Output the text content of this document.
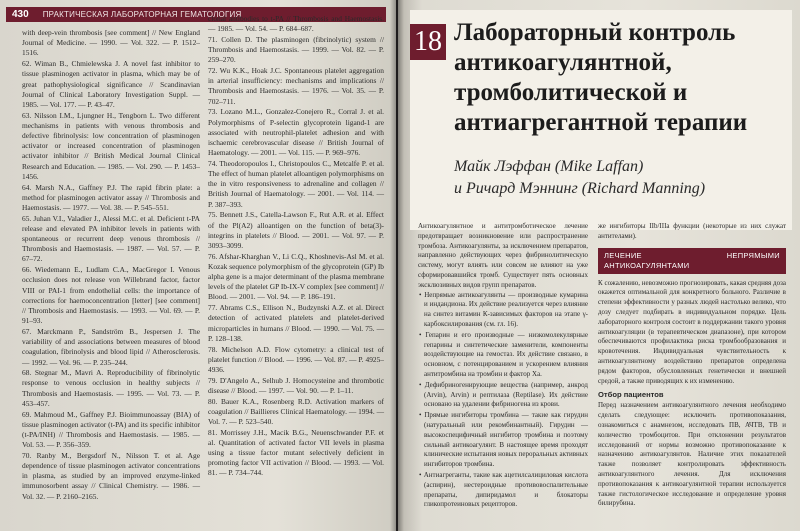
430	ПРАКТИЧЕСКАЯ ЛАБОРАТОРНАЯ ГЕМАТОЛОГИЯ

with deep-vein thrombosis [see comment] // New England Journal of Medicine. — 1990. — Vol. 322. — P. 1512–1516.

62. Wiman B., Chmielewska J. A novel fast inhibitor to tissue plasminogen activator in plasma, which may be of great pathophysiological significance // Scandinavian Journal of Clinical Laboratory Investigation Suppl. — 1985. — Vol. 177. — P. 43–47.

63. Nilsson I.M., Ljungner H., Tengborn L. Two different mechanisms in patients with venous thrombosis and defective fibrinolysis: low concentration of plasminogen activator or increased concentration of plasminogen activator inhibitor // British Medical Journal Clinical Research and Education. — 1985. — Vol. 290. — P. 1453–1456.

64. Marsh N.A., Gaffney P.J. The rapid fibrin plate: a method for plasminogen activator assay // Thrombosis and Haemostasis. — 1977. — Vol. 38. — P. 545–551.

65. Juhan V.I., Valadier J., Alessi M.C. et al. Deficient t-PA release and elevated PA inhibitor levels in patients with spontaneous or recurrent deep venous thrombosis // Thrombosis and Haemostasis. — 1987. — Vol. 57. — P. 67–72.

66. Wiedemann E., Ludlam C.A., MacGregor I. Venous occlusion does not release von Willebrand factor, factor VIII or PAI-1 from endothelial cells: the importance of corrections for haemoconcentration [letter] [see comment] // Thrombosis and Haemostasis. — 1993. — Vol. 69. — P. 91–93.

67. Marckmann P., Sandström B., Jespersen J. The variability of and associations between measures of blood coagulation, fibrinolysis and blood lipid // Atherosclerosis. — 1992. — Vol. 96. — P. 235–244.

68. Stegnar M., Mavri A. Reproducibility of fibrinolytic response to venous occlusion in healthy subjects // Thrombosis and Haemostasis. — 1995. — Vol. 73. — P. 453–457.

69. Mahmoud M., Gaffney P.J. Bioimmunoassay (BIA) of tissue plasminogen activator (t-PA) and its specific inhibitor (t-PA/INH) // Thrombosis and Haemostasis. — 1985. — Vol. 53. — P. 356–359.

70. Ranby M., Bergsdorf N., Nilsson T. et al. Age dependence of tissue plasminogen activator concentrations in plasma, as studied by an improved enzyme-linked immunosorbent assay // Clinical Chemistry. — 1986. — Vol. 32. — P. 2160–2165.

clonal antibodies to t-PA // Thrombosis and Haemostasis. — 1985. — Vol. 54. — P. 684–687.

71. Collen D. The plasminogen (fibrinolytic) system // Thrombosis and Haemostasis. — 1999. — Vol. 82. — P. 259–270.

72. Wu K.K., Hoak J.C. Spontaneous platelet aggregation in arterial insufficiency: mechanisms and implications // Thrombosis and Haemostasis. — 1976. — Vol. 35. — P. 702–711.

73. Lozano M.L., Gonzalez-Conejero R., Corral J. et al. Polymorphisms of P-selectin glycoprotein ligand-1 are associated with neutrophil-platelet adhesion and with ischaemic cerebrovascular disease // British Journal of Haematology. — 2001. — Vol. 115. — P. 969–976.

74. Theodoropoulos I., Christopoulos C., Metcalfe P. et al. The effect of human platelet alloantigen polymorphisms on the in vitro responsiveness to adrenaline and collagen // British Journal of Haematology. — 2001. — Vol. 114. — P. 387–393.

75. Bennett J.S., Catella-Lawson F., Rut A.R. et al. Effect of the Pl(A2) alloantigen on the function of beta(3)-integrins in platelets // Blood. — 2001. — Vol. 97. — P. 3093–3099.

76. Afshar-Kharghan V., Li C.Q., Khoshnevis-Asl M. et al. Kozak sequence polymorphism of the glycoprotein (GP) Ib alpha gene is a major determinant of the plasma membrane levels of the platelet GP Ib-IX-V complex [see comment] // Blood. — 2001. — Vol. 94. — P. 186–191.

77. Abrams C.S., Ellison N., Budzynski A.Z. et al. Direct detection of activated platelets and platelet-derived microparticles in humans // Blood. — 1990. — Vol. 75. — P. 128–138.

78. Michelson A.D. Flow cytometry: a clinical test of platelet function // Blood. — 1996. — Vol. 87. — P. 4925–4936.

79. D'Angelo A., Selhub J. Homocysteine and thrombotic disease // Blood. — 1997. — Vol. 90. — P. 1–11.

80. Bauer K.A., Rosenberg R.D. Activation markers of coagulation // Baillieres Clinical Haematology. — 1994. — Vol. 7. — P. 523–540.

81. Morrissey J.H., Macik B.G., Neuenschwander P.F. et al. Quantitation of activated factor VII levels in plasma using a tissue factor mutant selectively deficient in promoting factor VII activation // Blood. — 1993. — Vol. 81. — P. 734–744.

18 Лабораторный контроль антикоагулянтной, тромболитической и антиагрегантной терапии
Майк Лэффан (Mike Laffan)
и Ричард Мэннинг (Richard Manning)

Антикоагулянтное и антитромботическое лечение предотвращает возникновение или распространение тромбоза. Антикоагулянты, за исключением препаратов, направленно действующих через фибринолитическую систему, могут влиять или совсем не влияют на уже сформировавшийся тромб. Существует пять основных эксклюзивных видов групп препаратов.

• Непрямые антикоагулянты — производные кумарина и индандиона. Их действие реализуется через влияние на синтез витамин К-зависимых факторов на этапе γ-карбоксилирования (см. гл. 16).
• Гепарин и его производные — низкомолекулярные гепарины и синтетические заменители, компоненты воздействующие на гемостаз. Их действие связано, в основном, с потенцированием и ускорением влияния антитромбина на тромбин и фактор Ха.
• Дефибриногенирующие вещества (например, анкрод (Arvin), Arvin) и рептилаза (Reptilase). Их действие основано на удалении фибриногена из крови.
• Прямые ингибиторы тромбина — такие как гирудин (натуральный или рекомбинантный). Гирудин — высокоспецифичный ингибитор тромбина и поэтому сильный антикоагулянт. В настоящее время проходят клинические испытания новых пероральных активных ингибиторов тромбина.
• Антиагреганты, такие как ацетилсалициловая кислота (аспирин), нестероидные противовоспалительные препараты, дипиридамол и блокаторы гликопротеиновых рецепторов.

же ингибиторы IIb/IIIa функции (некоторые из них служат антителами).

ЛЕЧЕНИЕ НЕПРЯМЫМИ АНТИКОАГУЛЯНТАМИ

К сожалению, невозможно прогнозировать, какая средняя доза окажется оптимальной для конкретного больного. Различие в степени эффективности у разных людей настолько велико, что дозу следует подбирать в индивидуальном порядке. Цель лабораторного контроля состоит в поддержании такого уровня антикоагуляции (в терапевтическом диапазоне), при котором обеспечиваются профилактика риска тромбообразования и кровотечения. Индивидуальная чувствительность к антикоагулянтному воздействию препаратов определена рядом факторов, обусловленных генетически и внешней средой, а также приводящих к их изменению.

Отбор пациентов

Перед назначением антикоагулянтного лечения необходимо сделать следующее: исключить противопоказания, ознакомиться с анамнезом, исследовать ПВ, АЧТВ, ТВ и количество тромбоцитов. При отклонении результатов исследований от нормы возможно противопоказание к назначению антикоагулянтов. Наличие этих показателей также позволяет контролировать эффективность антикоагулянтного лечения. Для исключения противопоказания к антикоагулянтной терапии используется также гистологическое исследование и определение уровня билирубина.
